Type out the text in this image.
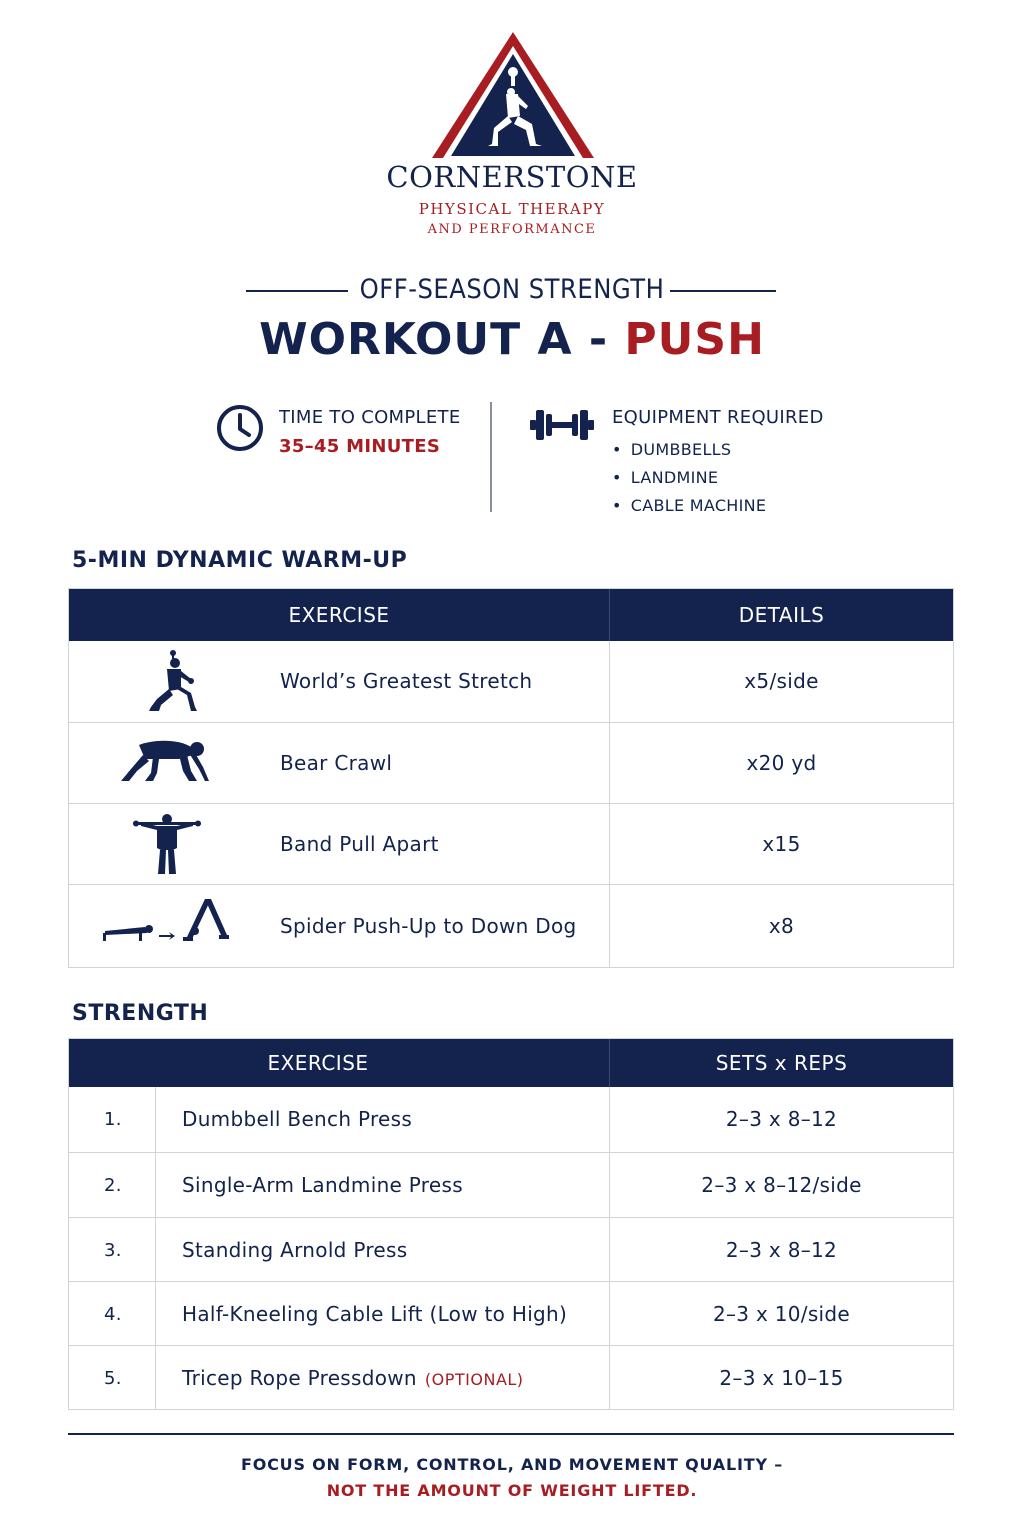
CORNERSTONE
PHYSICAL THERAPY
AND PERFORMANCE
OFF-SEASON STRENGTH
WORKOUT A - PUSH
TIME TO COMPLETE
35–45 MINUTES
EQUIPMENT REQUIRED
• DUMBBELLS
• LANDMINE
• CABLE MACHINE
5-MIN DYNAMIC WARM-UP
EXERCISE	DETAILS
World’s Greatest Stretch	x5/side
Bear Crawl	x20 yd
Band Pull Apart	x15
Spider Push-Up to Down Dog	x8
STRENGTH
EXERCISE	SETS x REPS
1.	Dumbbell Bench Press	2–3 x 8–12
2.	Single-Arm Landmine Press	2–3 x 8–12/side
3.	Standing Arnold Press	2–3 x 8–12
4.	Half-Kneeling Cable Lift (Low to High)	2–3 x 10/side
5.	Tricep Rope Pressdown (OPTIONAL)	2–3 x 10–15
FOCUS ON FORM, CONTROL, AND MOVEMENT QUALITY –
NOT THE AMOUNT OF WEIGHT LIFTED.
